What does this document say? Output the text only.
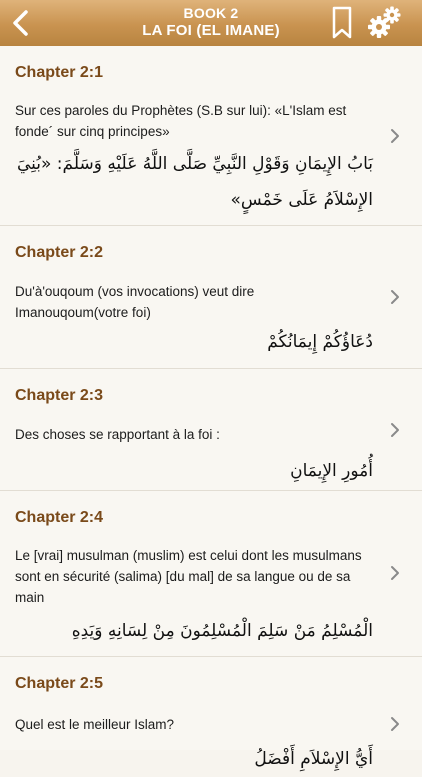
BOOK 2
LA FOI (EL IMANE)
Chapter 2:1
Sur ces paroles du Prophètes (S.B sur lui): «L'Islam est fonde´ sur cinq principes»
بَابُ الإِيمَانِ وَقَوْلِ النَّبِيِّ صَلَّى اللَّهُ عَلَيْهِ وَسَلَّمَ: «بُنِيَ الإِسْلاَمُ عَلَى خَمْسٍ»
Chapter 2:2
Du'à'ouqoum (vos invocations) veut dire Imanouqoum(votre foi)
دُعَاؤُكُمْ إِيمَانُكُمْ
Chapter 2:3
Des choses se rapportant à la foi :
أُمُورِ الإِيمَانِ
Chapter 2:4
Le [vrai] musulman (muslim) est celui dont les musulmans sont en sécurité (salima) [du mal] de sa langue ou de sa main
الْمُسْلِمُ مَنْ سَلِمَ الْمُسْلِمُونَ مِنْ لِسَانِهِ وَيَدِهِ
Chapter 2:5
Quel est le meilleur Islam?
أَيُّ الإِسْلاَمِ أَفْضَلُ
